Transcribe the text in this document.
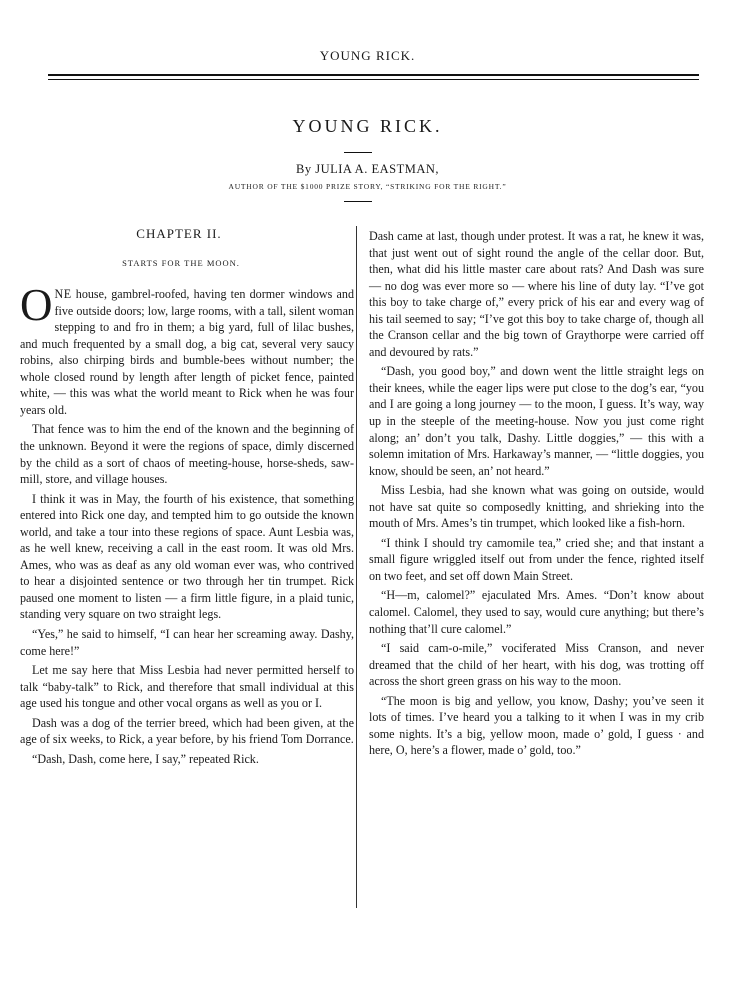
YOUNG RICK.
YOUNG RICK.
By JULIA A. EASTMAN,
AUTHOR OF THE $1000 PRIZE STORY, “STRIKING FOR THE RIGHT.”
CHAPTER II.
STARTS FOR THE MOON.

ONE house, gambrel-roofed, having ten dormer windows and five outside doors; low, large rooms, with a tall, silent woman stepping to and fro in them; a big yard, full of lilac bushes, and much frequented by a small dog, a big cat, several very saucy robins, also chirping birds and bumble-bees without number; the whole closed round by length after length of picket fence, painted white, — this was what the world meant to Rick when he was four years old.

That fence was to him the end of the known and the beginning of the unknown. Beyond it were the regions of space, dimly discerned by the child as a sort of chaos of meeting-house, horse-sheds, saw-mill, store, and village houses.

I think it was in May, the fourth of his existence, that something entered into Rick one day, and tempted him to go outside the known world, and take a tour into these regions of space. Aunt Lesbia was, as he well knew, receiving a call in the east room. It was old Mrs. Ames, who was as deaf as any old woman ever was, who contrived to hear a disjointed sentence or two through her tin trumpet. Rick paused one moment to listen — a firm little figure, in a plaid tunic, standing very square on two straight legs.

“Yes,” he said to himself, “I can hear her screaming away. Dashy, come here!”

Let me say here that Miss Lesbia had never permitted herself to talk “baby-talk” to Rick, and therefore that small individual at this age used his tongue and other vocal organs as well as you or I.

Dash was a dog of the terrier breed, which had been given, at the age of six weeks, to Rick, a year before, by his friend Tom Dorrance.

“Dash, Dash, come here, I say,” repeated Rick.

Dash came at last, though under protest. It was a rat, he knew it was, that just went out of sight round the angle of the cellar door. But, then, what did his little master care about rats? And Dash was sure — no dog was ever more so — where his line of duty lay. “I’ve got this boy to take charge of,” every prick of his ear and every wag of his tail seemed to say; “I’ve got this boy to take charge of, though all the Cranson cellar and the big town of Graythorpe were carried off and devoured by rats.”

“Dash, you good boy,” and down went the little straight legs on their knees, while the eager lips were put close to the dog’s ear, “you and I are going a long journey — to the moon, I guess. It’s way, way up in the steeple of the meeting-house. Now you just come right along; an’ don’t you talk, Dashy. Little doggies,” — this with a solemn imitation of Mrs. Harkaway’s manner, — “little doggies, you know, should be seen, an’ not heard.”

Miss Lesbia, had she known what was going on outside, would not have sat quite so composedly knitting, and shrieking into the mouth of Mrs. Ames’s tin trumpet, which looked like a fish-horn.

“I think I should try camomile tea,” cried she; and that instant a small figure wriggled itself out from under the fence, righted itself on two feet, and set off down Main Street.

“H—m, calomel?” ejaculated Mrs. Ames. “Don’t know about calomel. Calomel, they used to say, would cure anything; but there’s nothing that’ll cure calomel.”

“I said cam-o-mile,” vociferated Miss Cranson, and never dreamed that the child of her heart, with his dog, was trotting off across the short green grass on his way to the moon.

“The moon is big and yellow, you know, Dashy; you’ve seen it lots of times. I’ve heard you a talking to it when I was in my crib some nights. It’s a big, yellow moon, made o’ gold, I guess · and here, O, here’s a flower, made o’ gold, too.”
